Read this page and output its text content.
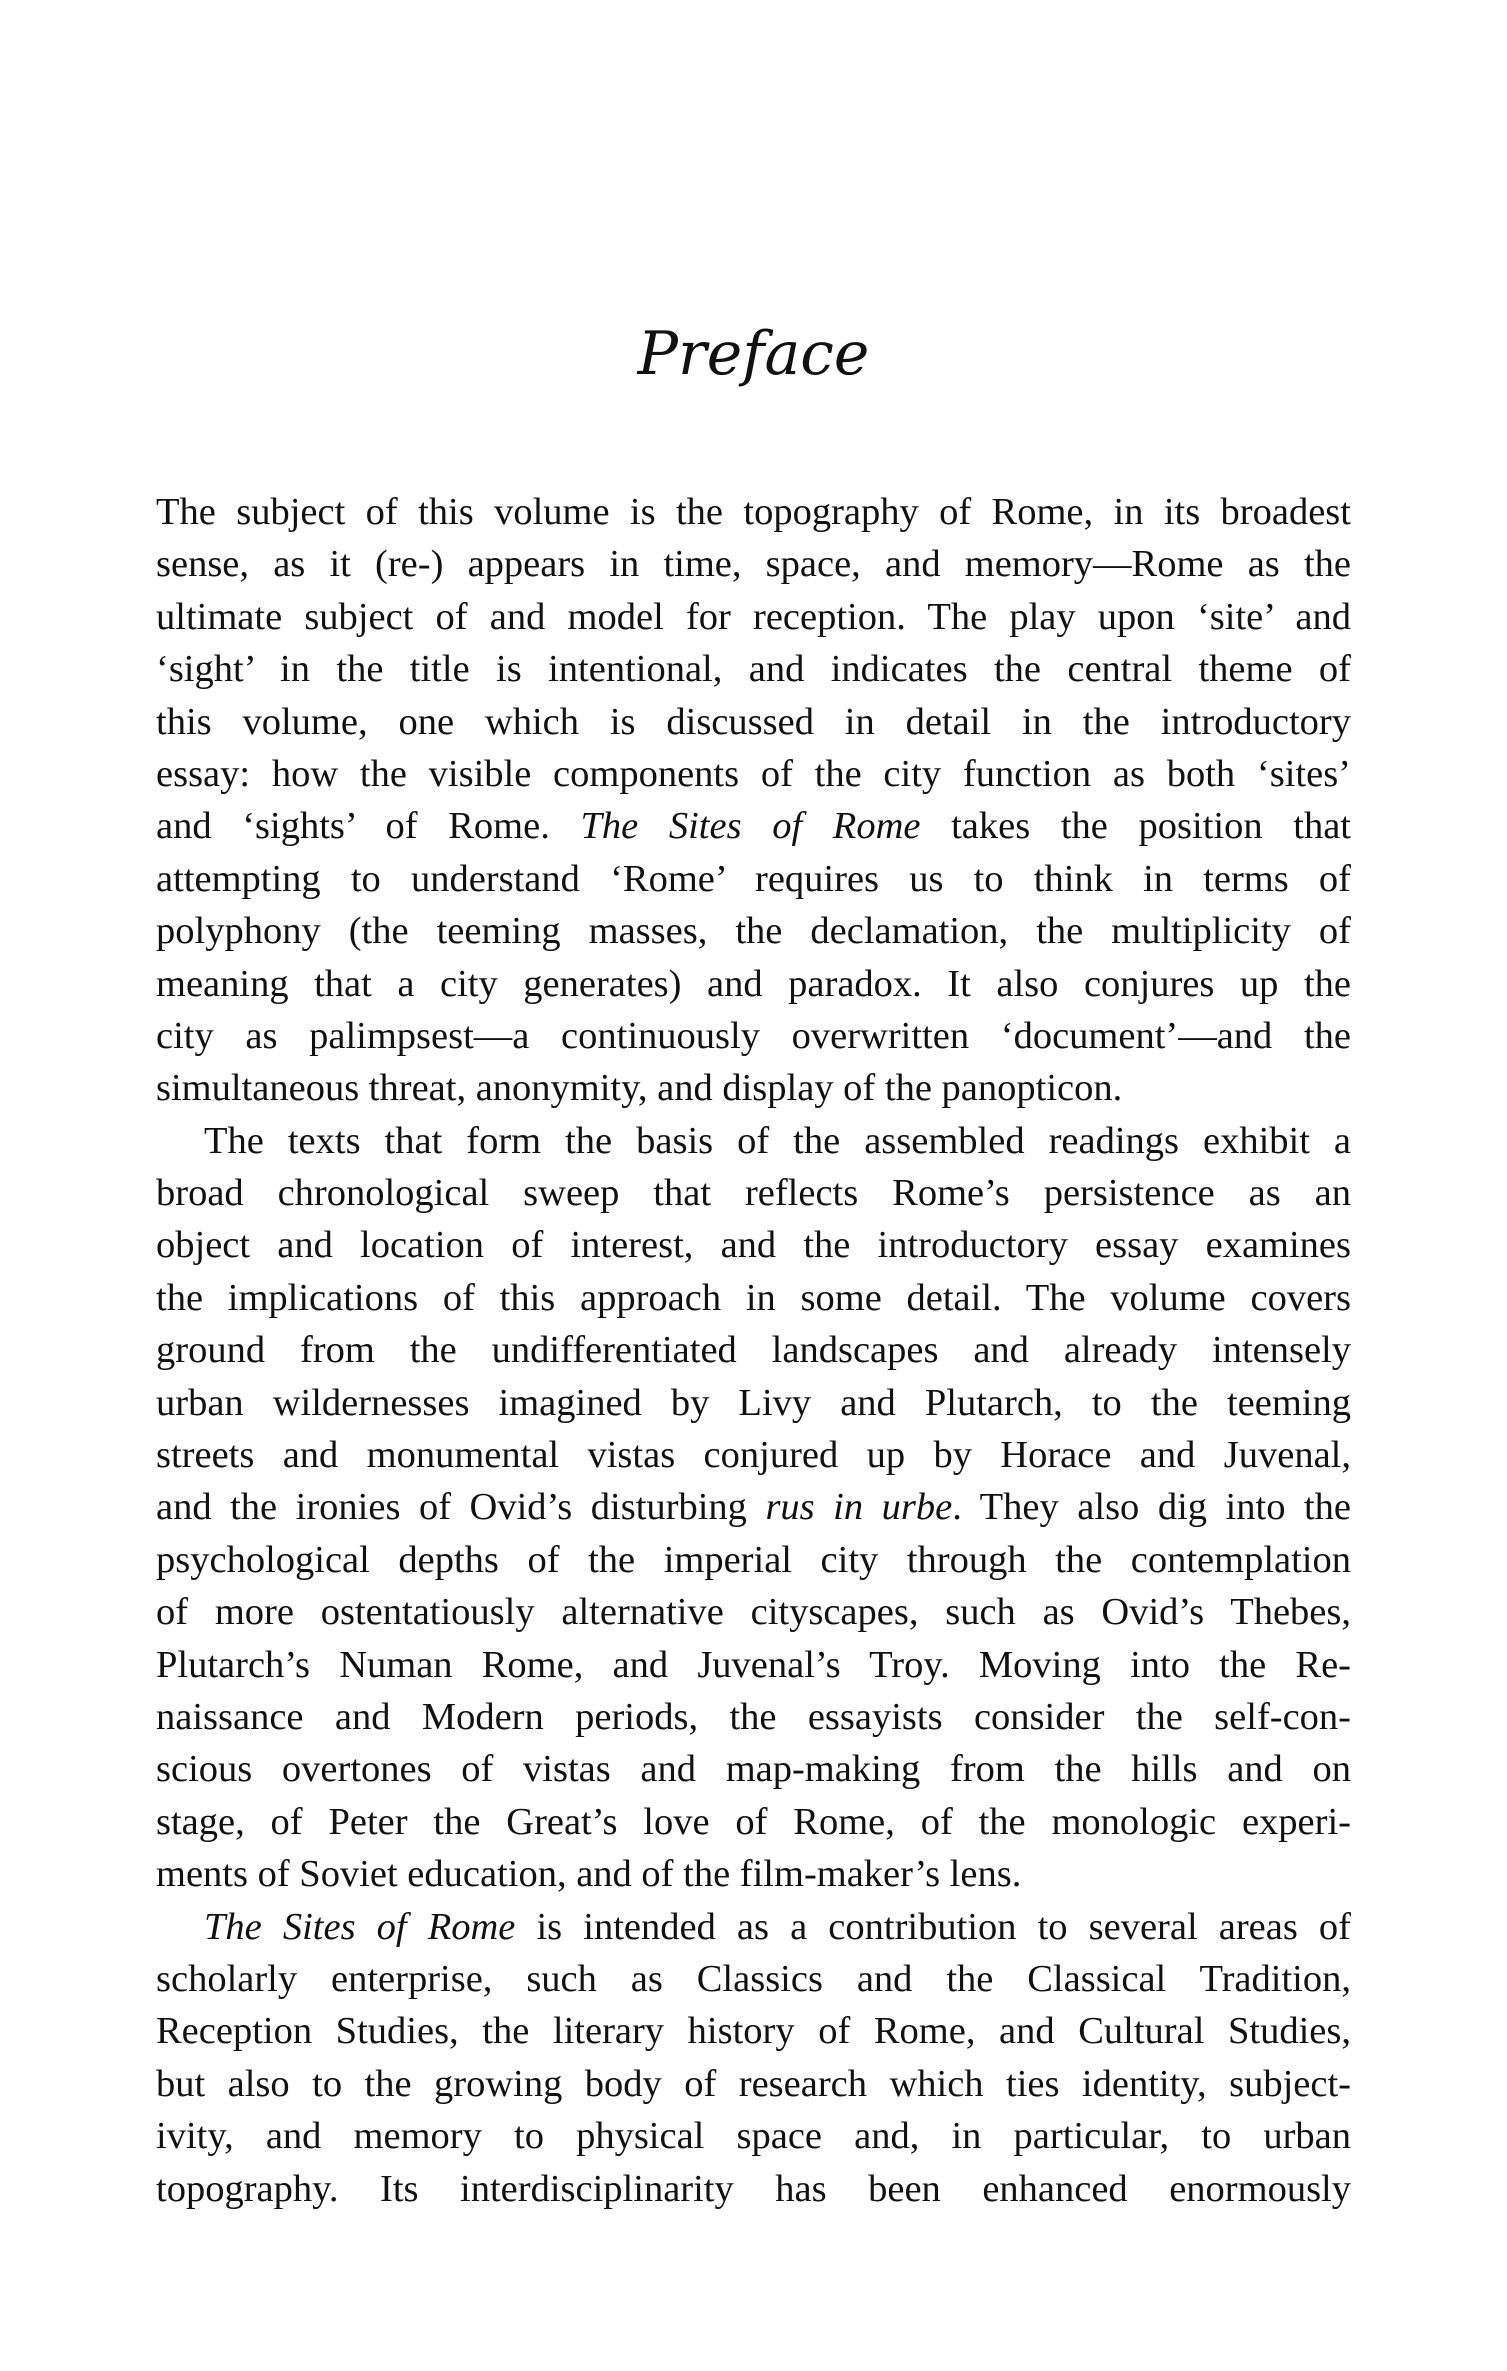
Preface
The subject of this volume is the topography of Rome, in its broadest
sense, as it (re-) appears in time, space, and memory—Rome as the
ultimate subject of and model for reception. The play upon ‘site’ and
‘sight’ in the title is intentional, and indicates the central theme of
this volume, one which is discussed in detail in the introductory
essay: how the visible components of the city function as both ‘sites’
and ‘sights’ of Rome. The Sites of Rome takes the position that
attempting to understand ‘Rome’ requires us to think in terms of
polyphony (the teeming masses, the declamation, the multiplicity of
meaning that a city generates) and paradox. It also conjures up the
city as palimpsest—a continuously overwritten ‘document’—and the
simultaneous threat, anonymity, and display of the panopticon.
The texts that form the basis of the assembled readings exhibit a
broad chronological sweep that reflects Rome’s persistence as an
object and location of interest, and the introductory essay examines
the implications of this approach in some detail. The volume covers
ground from the undifferentiated landscapes and already intensely
urban wildernesses imagined by Livy and Plutarch, to the teeming
streets and monumental vistas conjured up by Horace and Juvenal,
and the ironies of Ovid’s disturbing rus in urbe. They also dig into the
psychological depths of the imperial city through the contemplation
of more ostentatiously alternative cityscapes, such as Ovid’s Thebes,
Plutarch’s Numan Rome, and Juvenal’s Troy. Moving into the Re-
naissance and Modern periods, the essayists consider the self-con-
scious overtones of vistas and map-making from the hills and on
stage, of Peter the Great’s love of Rome, of the monologic experi-
ments of Soviet education, and of the film-maker’s lens.
The Sites of Rome is intended as a contribution to several areas of
scholarly enterprise, such as Classics and the Classical Tradition,
Reception Studies, the literary history of Rome, and Cultural Studies,
but also to the growing body of research which ties identity, subject-
ivity, and memory to physical space and, in particular, to urban
topography. Its interdisciplinarity has been enhanced enormously
